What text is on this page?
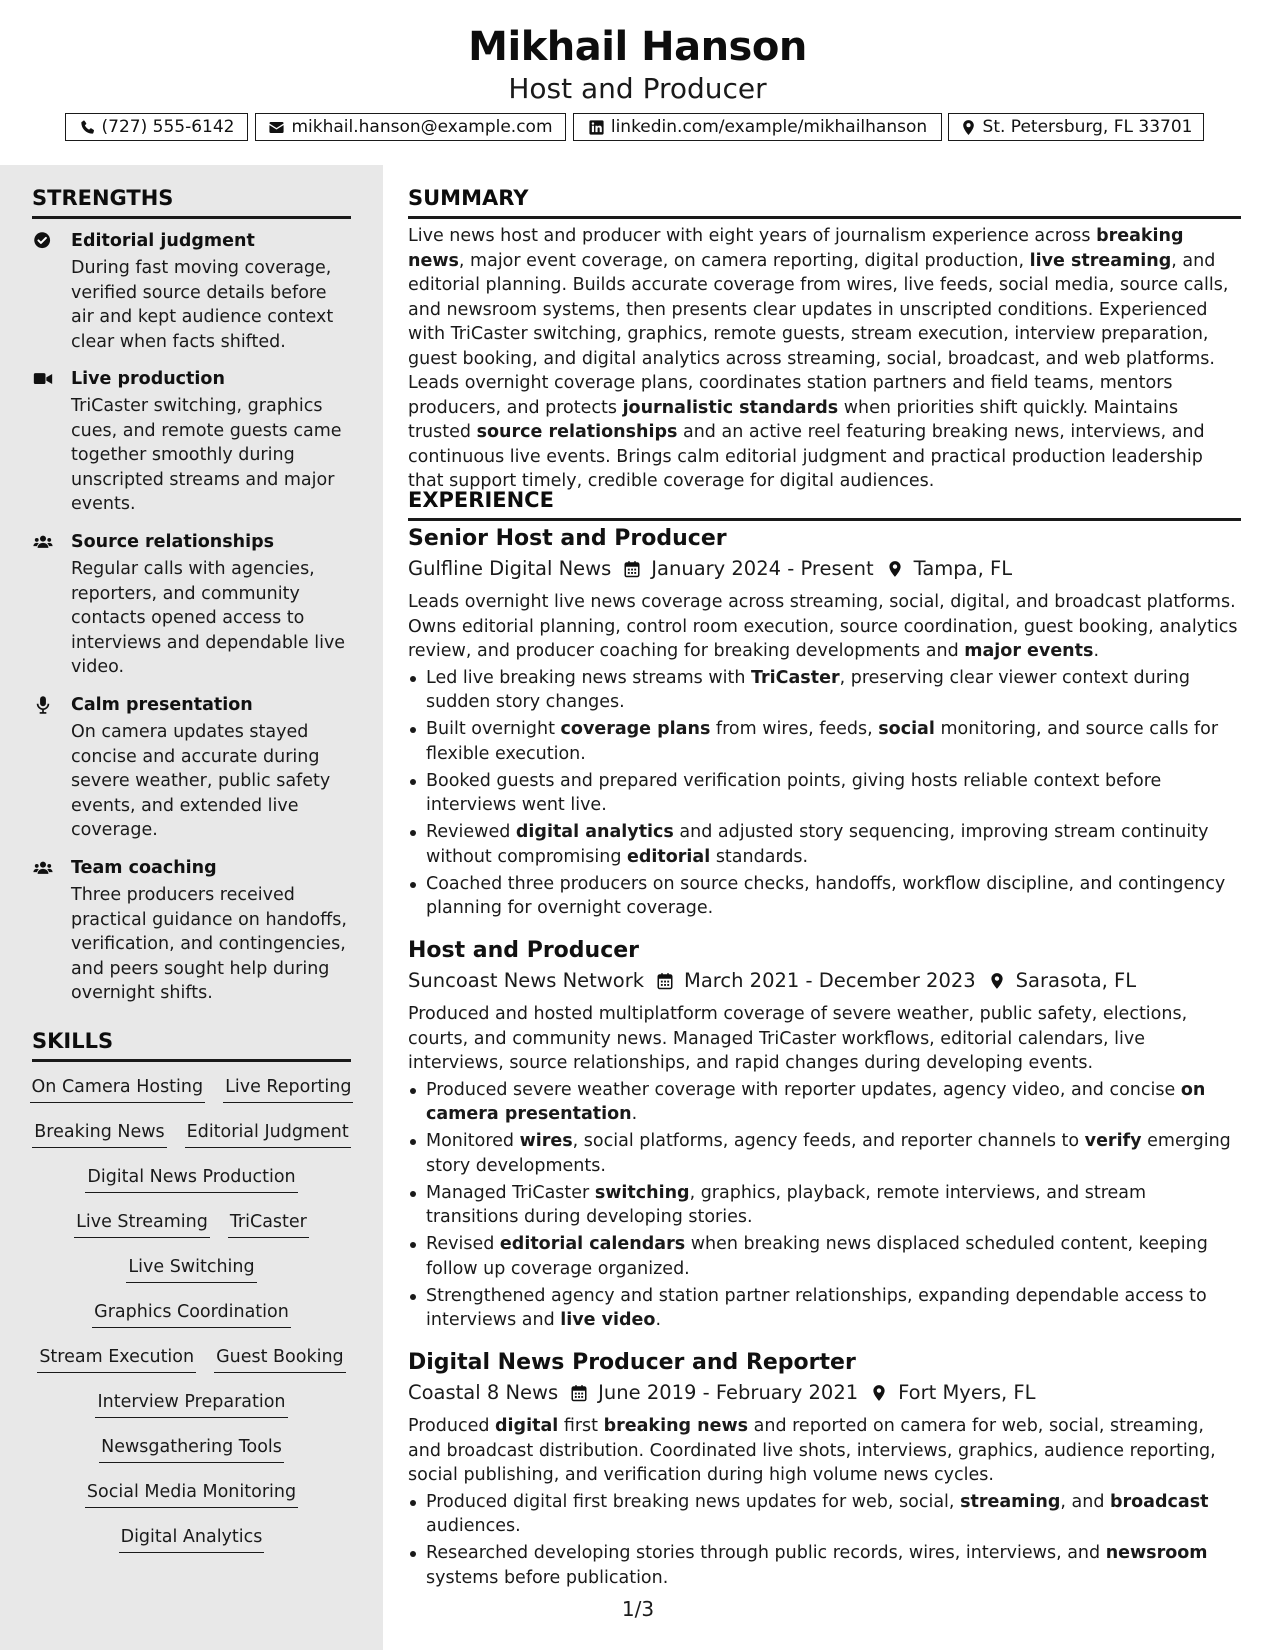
Mikhail Hanson
Host and Producer
(727) 555-6142	mikhail.hanson@example.com	linkedin.com/example/mikhailhanson	St. Petersburg, FL 33701
STRENGTHS
Editorial judgment
During fast moving coverage, verified source details before air and kept audience context clear when facts shifted.
Live production
TriCaster switching, graphics cues, and remote guests came together smoothly during unscripted streams and major events.
Source relationships
Regular calls with agencies, reporters, and community contacts opened access to interviews and dependable live video.
Calm presentation
On camera updates stayed concise and accurate during severe weather, public safety events, and extended live coverage.
Team coaching
Three producers received practical guidance on handoffs, verification, and contingencies, and peers sought help during overnight shifts.
SKILLS
On Camera Hosting Live Reporting
Breaking News Editorial Judgment
Digital News Production
Live Streaming TriCaster
Live Switching
Graphics Coordination
Stream Execution Guest Booking
Interview Preparation
Newsgathering Tools
Social Media Monitoring
Digital Analytics
SUMMARY
Live news host and producer with eight years of journalism experience across breaking news, major event coverage, on camera reporting, digital production, live streaming, and editorial planning. Builds accurate coverage from wires, live feeds, social media, source calls, and newsroom systems, then presents clear updates in unscripted conditions. Experienced with TriCaster switching, graphics, remote guests, stream execution, interview preparation, guest booking, and digital analytics across streaming, social, broadcast, and web platforms. Leads overnight coverage plans, coordinates station partners and field teams, mentors producers, and protects journalistic standards when priorities shift quickly. Maintains trusted source relationships and an active reel featuring breaking news, interviews, and continuous live events. Brings calm editorial judgment and practical production leadership that support timely, credible coverage for digital audiences.
EXPERIENCE
Senior Host and Producer
Gulfline Digital News January 2024 - Present Tampa, FL
Leads overnight live news coverage across streaming, social, digital, and broadcast platforms. Owns editorial planning, control room execution, source coordination, guest booking, analytics review, and producer coaching for breaking developments and major events.
Led live breaking news streams with TriCaster, preserving clear viewer context during sudden story changes.
Built overnight coverage plans from wires, feeds, social monitoring, and source calls for flexible execution.
Booked guests and prepared verification points, giving hosts reliable context before interviews went live.
Reviewed digital analytics and adjusted story sequencing, improving stream continuity without compromising editorial standards.
Coached three producers on source checks, handoffs, workflow discipline, and contingency planning for overnight coverage.
Host and Producer
Suncoast News Network March 2021 - December 2023 Sarasota, FL
Produced and hosted multiplatform coverage of severe weather, public safety, elections, courts, and community news. Managed TriCaster workflows, editorial calendars, live interviews, source relationships, and rapid changes during developing events.
Produced severe weather coverage with reporter updates, agency video, and concise on camera presentation.
Monitored wires, social platforms, agency feeds, and reporter channels to verify emerging story developments.
Managed TriCaster switching, graphics, playback, remote interviews, and stream transitions during developing stories.
Revised editorial calendars when breaking news displaced scheduled content, keeping follow up coverage organized.
Strengthened agency and station partner relationships, expanding dependable access to interviews and live video.
Digital News Producer and Reporter
Coastal 8 News June 2019 - February 2021 Fort Myers, FL
Produced digital first breaking news and reported on camera for web, social, streaming, and broadcast distribution. Coordinated live shots, interviews, graphics, audience reporting, social publishing, and verification during high volume news cycles.
Produced digital first breaking news updates for web, social, streaming, and broadcast audiences.
Researched developing stories through public records, wires, interviews, and newsroom systems before publication.
1/3
